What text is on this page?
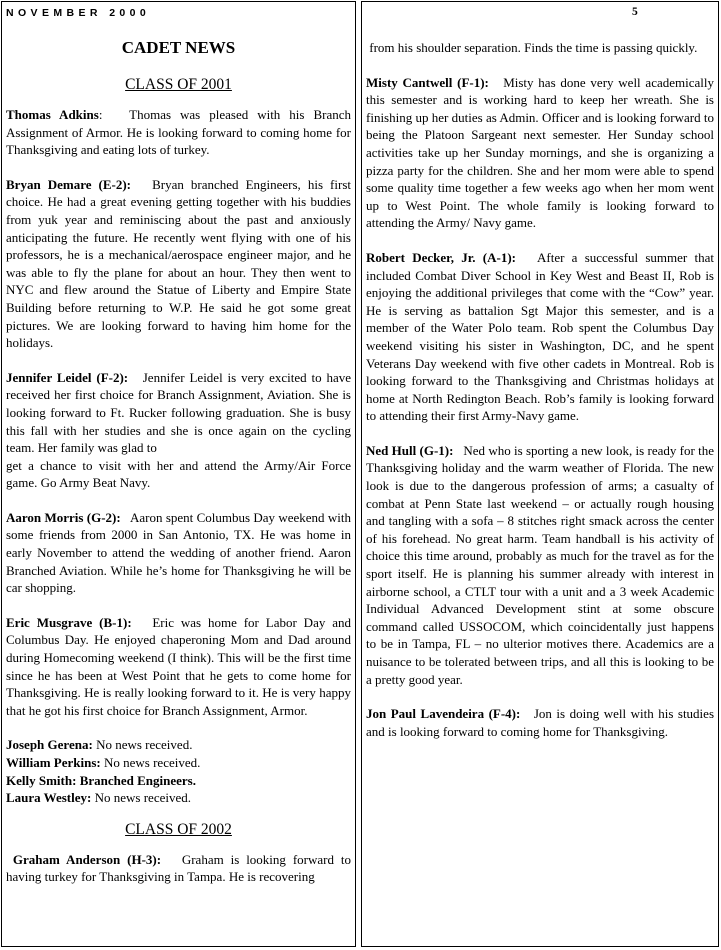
NOVEMBER 2000
CADET NEWS
CLASS OF 2001

Thomas Adkins:   Thomas was pleased with his Branch Assignment of Armor. He is looking forward to coming home for Thanksgiving and eating lots of turkey.

Bryan Demare (E-2): Bryan branched Engineers, his first choice. He had a great evening getting together with his buddies from yuk year and reminiscing about the past and anxiously anticipating the future. He recently went flying with one of his professors, he is a mechanical/aerospace engineer major, and he was able to fly the plane for about an hour. They then went to NYC and flew around the Statue of Liberty and Empire State Building before returning to W.P. He said he got some great pictures. We are looking forward to having him home for the holidays.

Jennifer Leidel (F-2): Jennifer Leidel is very excited to have received her first choice for Branch Assignment, Aviation. She is looking forward to Ft. Rucker following graduation. She is busy this fall with her studies and she is once again on the cycling team. Her family was glad to
get a chance to visit with her and attend the Army/Air Force game. Go Army Beat Navy.

Aaron Morris (G-2): Aaron spent Columbus Day weekend with some friends from 2000 in San Antonio, TX. He was home in early November to attend the wedding of another friend. Aaron Branched Aviation. While he’s home for Thanksgiving he will be car shopping.

Eric Musgrave (B-1): Eric was home for Labor Day and Columbus Day. He enjoyed chaperoning Mom and Dad around during Homecoming weekend (I think). This will be the first time since he has been at West Point that he gets to come home for Thanksgiving. He is really looking forward to it. He is very happy that he got his first choice for Branch Assignment, Armor.

Joseph Gerena: No news received.
William Perkins: No news received.
Kelly Smith: Branched Engineers.
Laura Westley: No news received.
CLASS OF 2002

Graham Anderson (H-3): Graham is looking forward to having turkey for Thanksgiving in Tampa. He is recovering

5

from his shoulder separation. Finds the time is passing quickly.

Misty Cantwell (F-1): Misty has done very well academically this semester and is working hard to keep her wreath. She is finishing up her duties as Admin. Officer and is looking forward to being the Platoon Sargeant next semester. Her Sunday school activities take up her Sunday mornings, and she is organizing a pizza party for the children. She and her mom were able to spend some quality time together a few weeks ago when her mom went up to West Point. The whole family is looking forward to attending the Army/ Navy game.

Robert Decker, Jr. (A-1): After a successful summer that included Combat Diver School in Key West and Beast II, Rob is enjoying the additional privileges that come with the “Cow” year. He is serving as battalion Sgt Major this semester, and is a member of the Water Polo team. Rob spent the Columbus Day weekend visiting his sister in Washington, DC, and he spent Veterans Day weekend with five other cadets in Montreal. Rob is looking forward to the Thanksgiving and Christmas holidays at home at North Redington Beach. Rob’s family is looking forward to attending their first Army-Navy game.

Ned Hull (G-1): Ned who is sporting a new look, is ready for the Thanksgiving holiday and the warm weather of Florida. The new look is due to the dangerous profession of arms; a casualty of combat at Penn State last weekend – or actually rough housing and tangling with a sofa – 8 stitches right smack across the center of his forehead. No great harm. Team handball is his activity of choice this time around, probably as much for the travel as for the sport itself. He is planning his summer already with interest in airborne school, a CTLT tour with a unit and a 3 week Academic Individual Advanced Development stint at some obscure command called USSOCOM, which coincidentally just happens to be in Tampa, FL – no ulterior motives there. Academics are a nuisance to be tolerated between trips, and all this is looking to be a pretty good year.

Jon Paul Lavendeira (F-4): Jon is doing well with his studies and is looking forward to coming home for Thanksgiving.
